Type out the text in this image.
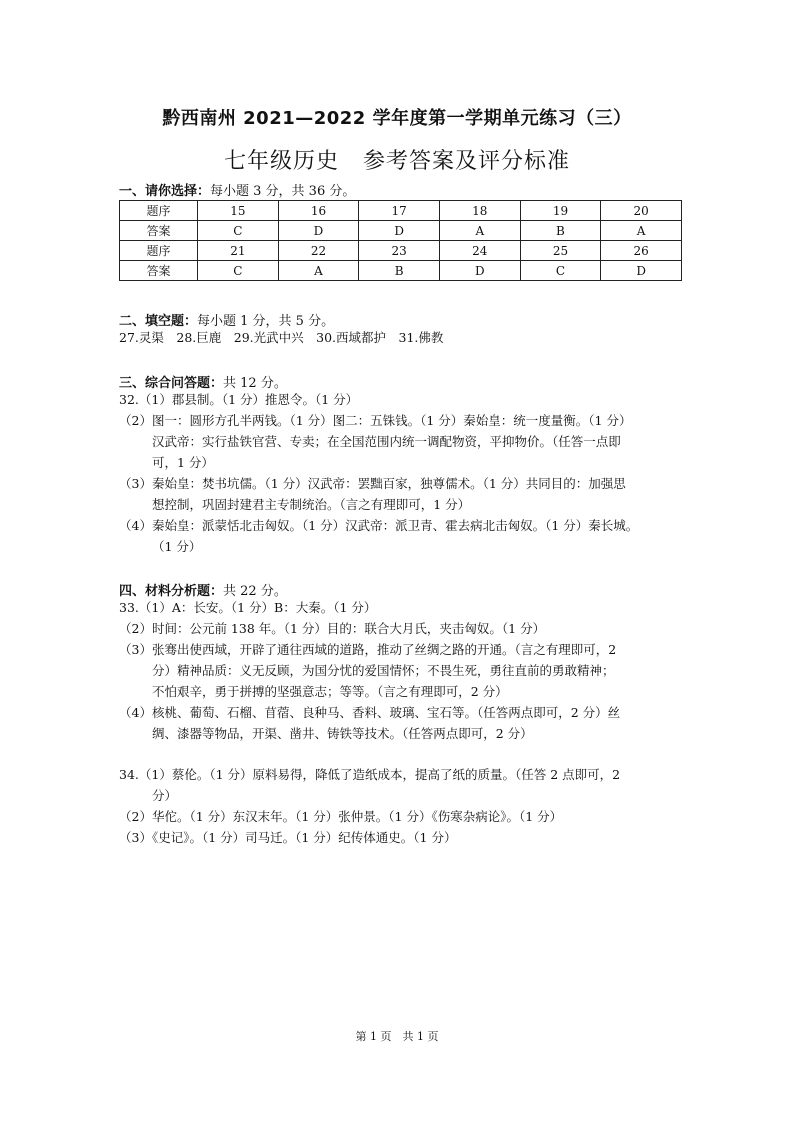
黔西南州 2021—2022 学年度第一学期单元练习（三）
七年级历史 参考答案及评分标准
一、请你选择：每小题 3 分，共 36 分。
题序	15	16	17	18	19	20
答案	C	D	D	A	B	A
题序	21	22	23	24	25	26
答案	C	A	B	D	C	D
二、填空题：每小题 1 分，共 5 分。
27.灵渠　28.巨鹿　29.光武中兴　30.西域都护　31.佛教
三、综合问答题：共 12 分。
32.（1）郡县制。（1 分）推恩令。（1 分）
（2）图一：圆形方孔半两钱。（1 分）图二：五铢钱。（1 分）秦始皇：统一度量衡。（1 分）
汉武帝：实行盐铁官营、专卖；在全国范围内统一调配物资，平抑物价。（任答一点即
可，1 分）
（3）秦始皇：焚书坑儒。（1 分）汉武帝：罢黜百家，独尊儒术。（1 分）共同目的：加强思
想控制，巩固封建君主专制统治。（言之有理即可，1 分）
（4）秦始皇：派蒙恬北击匈奴。（1 分）汉武帝：派卫青、霍去病北击匈奴。（1 分）秦长城。
（1 分）
四、材料分析题：共 22 分。
33.（1）A：长安。（1 分）B：大秦。（1 分）
（2）时间：公元前 138 年。（1 分）目的：联合大月氏，夹击匈奴。（1 分）
（3）张骞出使西域，开辟了通往西域的道路，推动了丝绸之路的开通。（言之有理即可，2
分）精神品质：义无反顾，为国分忧的爱国情怀；不畏生死，勇往直前的勇敢精神；
不怕艰辛，勇于拼搏的坚强意志；等等。（言之有理即可，2 分）
（4）核桃、葡萄、石榴、苜蓿、良种马、香料、玻璃、宝石等。（任答两点即可，2 分）丝
绸、漆器等物品，开渠、凿井、铸铁等技术。（任答两点即可，2 分）
34.（1）蔡伦。（1 分）原料易得，降低了造纸成本，提高了纸的质量。（任答 2 点即可，2
分）
（2）华佗。（1 分）东汉末年。（1 分）张仲景。（1 分）《伤寒杂病论》。（1 分）
（3）《史记》。（1 分）司马迁。（1 分）纪传体通史。（1 分）
第 1 页　共 1 页
